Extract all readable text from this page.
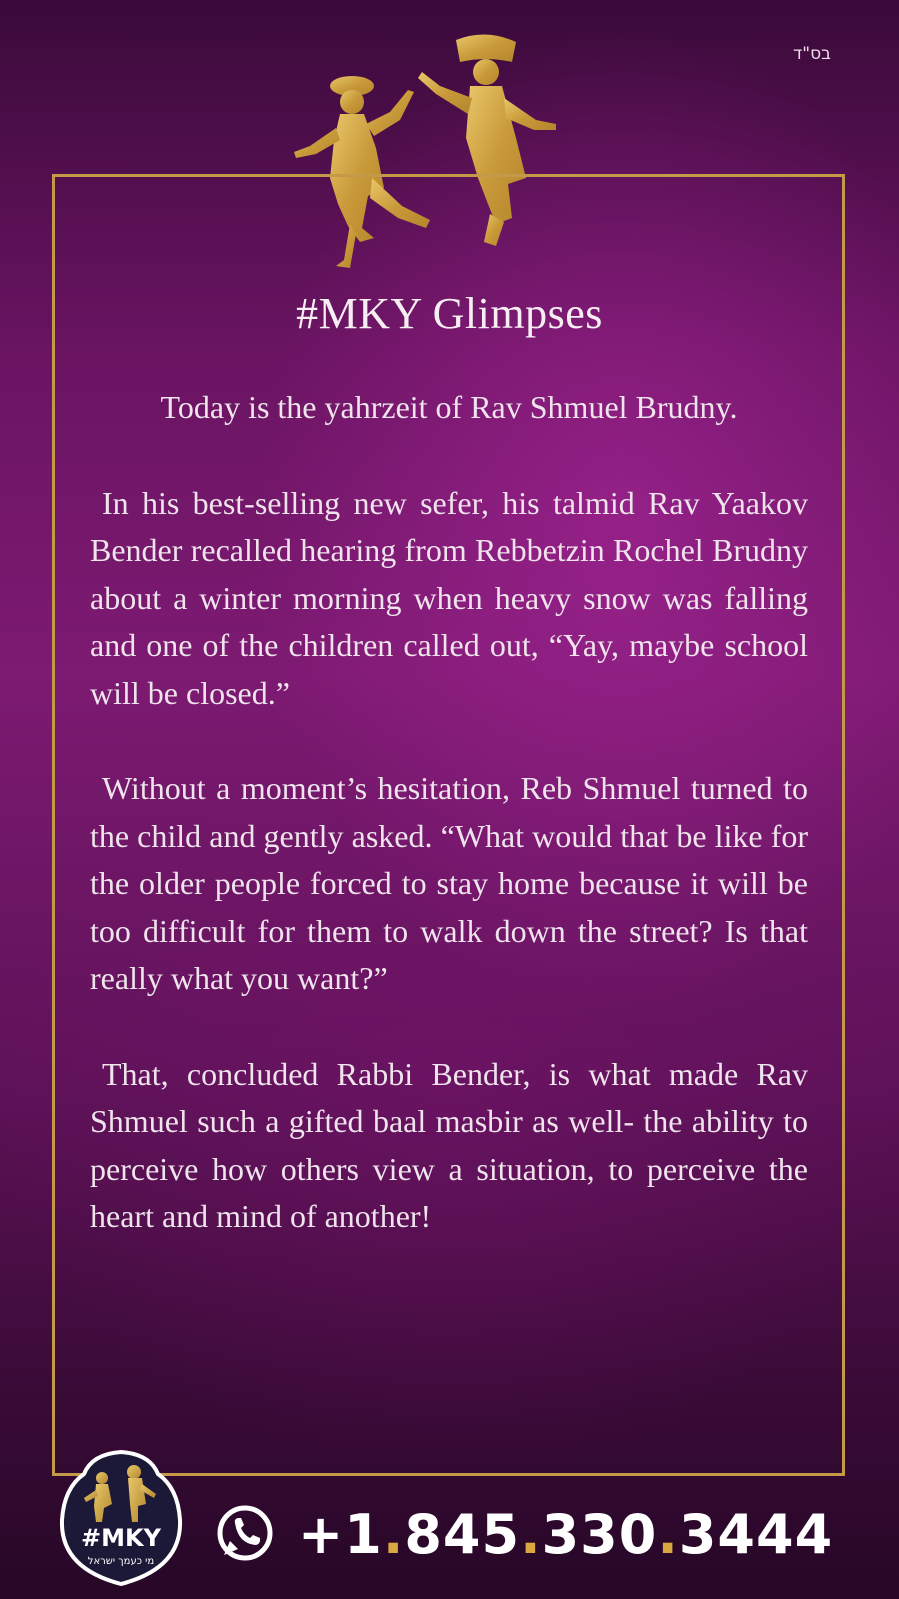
בס"ד
#MKY Glimpses

Today is the yahrzeit of Rav Shmuel Brudny.

In his best-selling new sefer, his talmid Rav Yaakov Bender recalled hearing from Rebbetzin Rochel Brudny about a winter morning when heavy snow was falling and one of the children called out, “Yay, maybe school will be closed.”

Without a moment’s hesitation, Reb Shmuel turned to the child and gently asked. “What would that be like for the older people forced to stay home because it will be too difficult for them to walk down the street? Is that really what you want?”

That, concluded Rabbi Bender, is what made Rav Shmuel such a gifted baal masbir as well- the ability to perceive how others view a situation, to perceive the heart and mind of another!

#MKY
מי כעמך ישראל	+1.845.330.3444
